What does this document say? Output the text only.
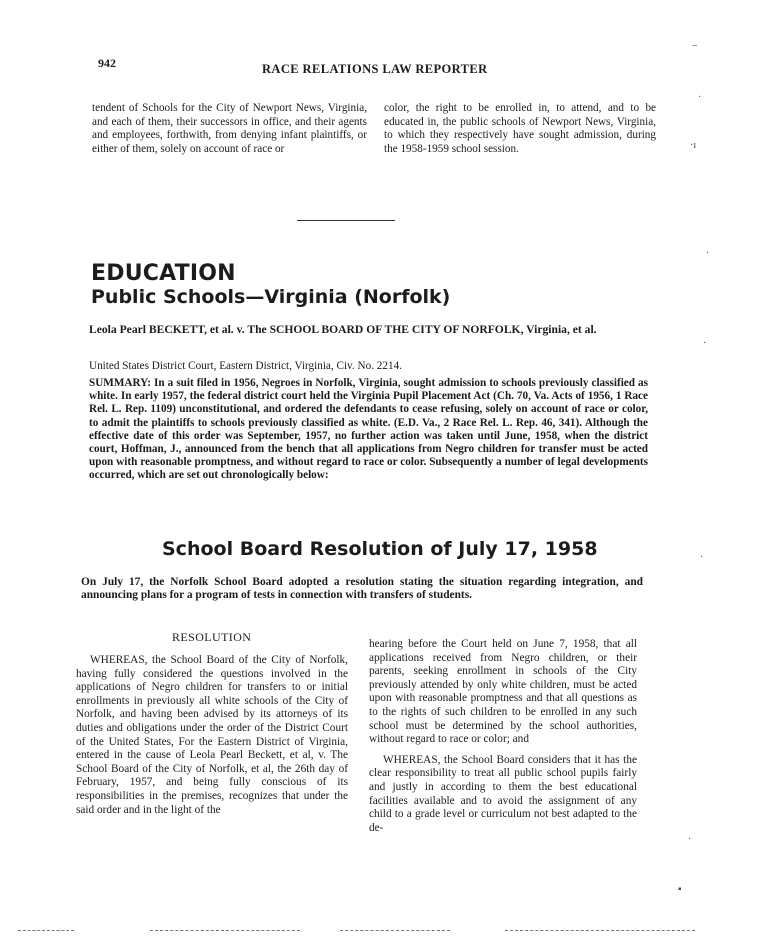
942	RACE RELATIONS LAW REPORTER
tendent of Schools for the City of Newport News, Virginia, and each of them, their successors in office, and their agents and employees, forthwith, from denying infant plaintiffs, or either of them, solely on account of race or
color, the right to be enrolled in, to attend, and to be educated in, the public schools of Newport News, Virginia, to which they respectively have sought admission, during the 1958-1959 school session.
EDUCATION
Public Schools—Virginia (Norfolk)
Leola Pearl BECKETT, et al. v. The SCHOOL BOARD OF THE CITY OF NORFOLK, Virginia, et al.
United States District Court, Eastern District, Virginia, Civ. No. 2214.
SUMMARY: In a suit filed in 1956, Negroes in Norfolk, Virginia, sought admission to schools previously classified as white. In early 1957, the federal district court held the Virginia Pupil Placement Act (Ch. 70, Va. Acts of 1956, 1 Race Rel. L. Rep. 1109) unconstitutional, and ordered the defendants to cease refusing, solely on account of race or color, to admit the plaintiffs to schools previously classified as white. (E.D. Va., 2 Race Rel. L. Rep. 46, 341). Although the effective date of this order was September, 1957, no further action was taken until June, 1958, when the district court, Hoffman, J., announced from the bench that all applications from Negro children for transfer must be acted upon with reasonable promptness, and without regard to race or color. Subsequently a number of legal developments occurred, which are set out chronologically below:
School Board Resolution of July 17, 1958
On July 17, the Norfolk School Board adopted a resolution stating the situation regarding integration, and announcing plans for a program of tests in connection with transfers of students.
RESOLUTION

WHEREAS, the School Board of the City of Norfolk, having fully considered the questions involved in the applications of Negro children for transfers to or initial enrollments in previously all white schools of the City of Norfolk, and having been advised by its attorneys of its duties and obligations under the order of the District Court of the United States, For the Eastern District of Virginia, entered in the cause of Leola Pearl Beckett, et al, v. The School Board of the City of Norfolk, et al, the 26th day of February, 1957, and being fully conscious of its responsibilities in the premises, recognizes that under the said order and in the light of the

hearing before the Court held on June 7, 1958, that all applications received from Negro children, or their parents, seeking enrollment in schools of the City previously attended by only white children, must be acted upon with reasonable promptness and that all questions as to the rights of such children to be enrolled in any such school must be determined by the school authorities, without regard to race or color; and

WHEREAS, the School Board considers that it has the clear responsibility to treat all public school pupils fairly and justly in according to them the best educational facilities available and to avoid the assignment of any child to a grade level or curriculum not best adapted to the de-

–
·
·ı
·
·
·
·
▪
